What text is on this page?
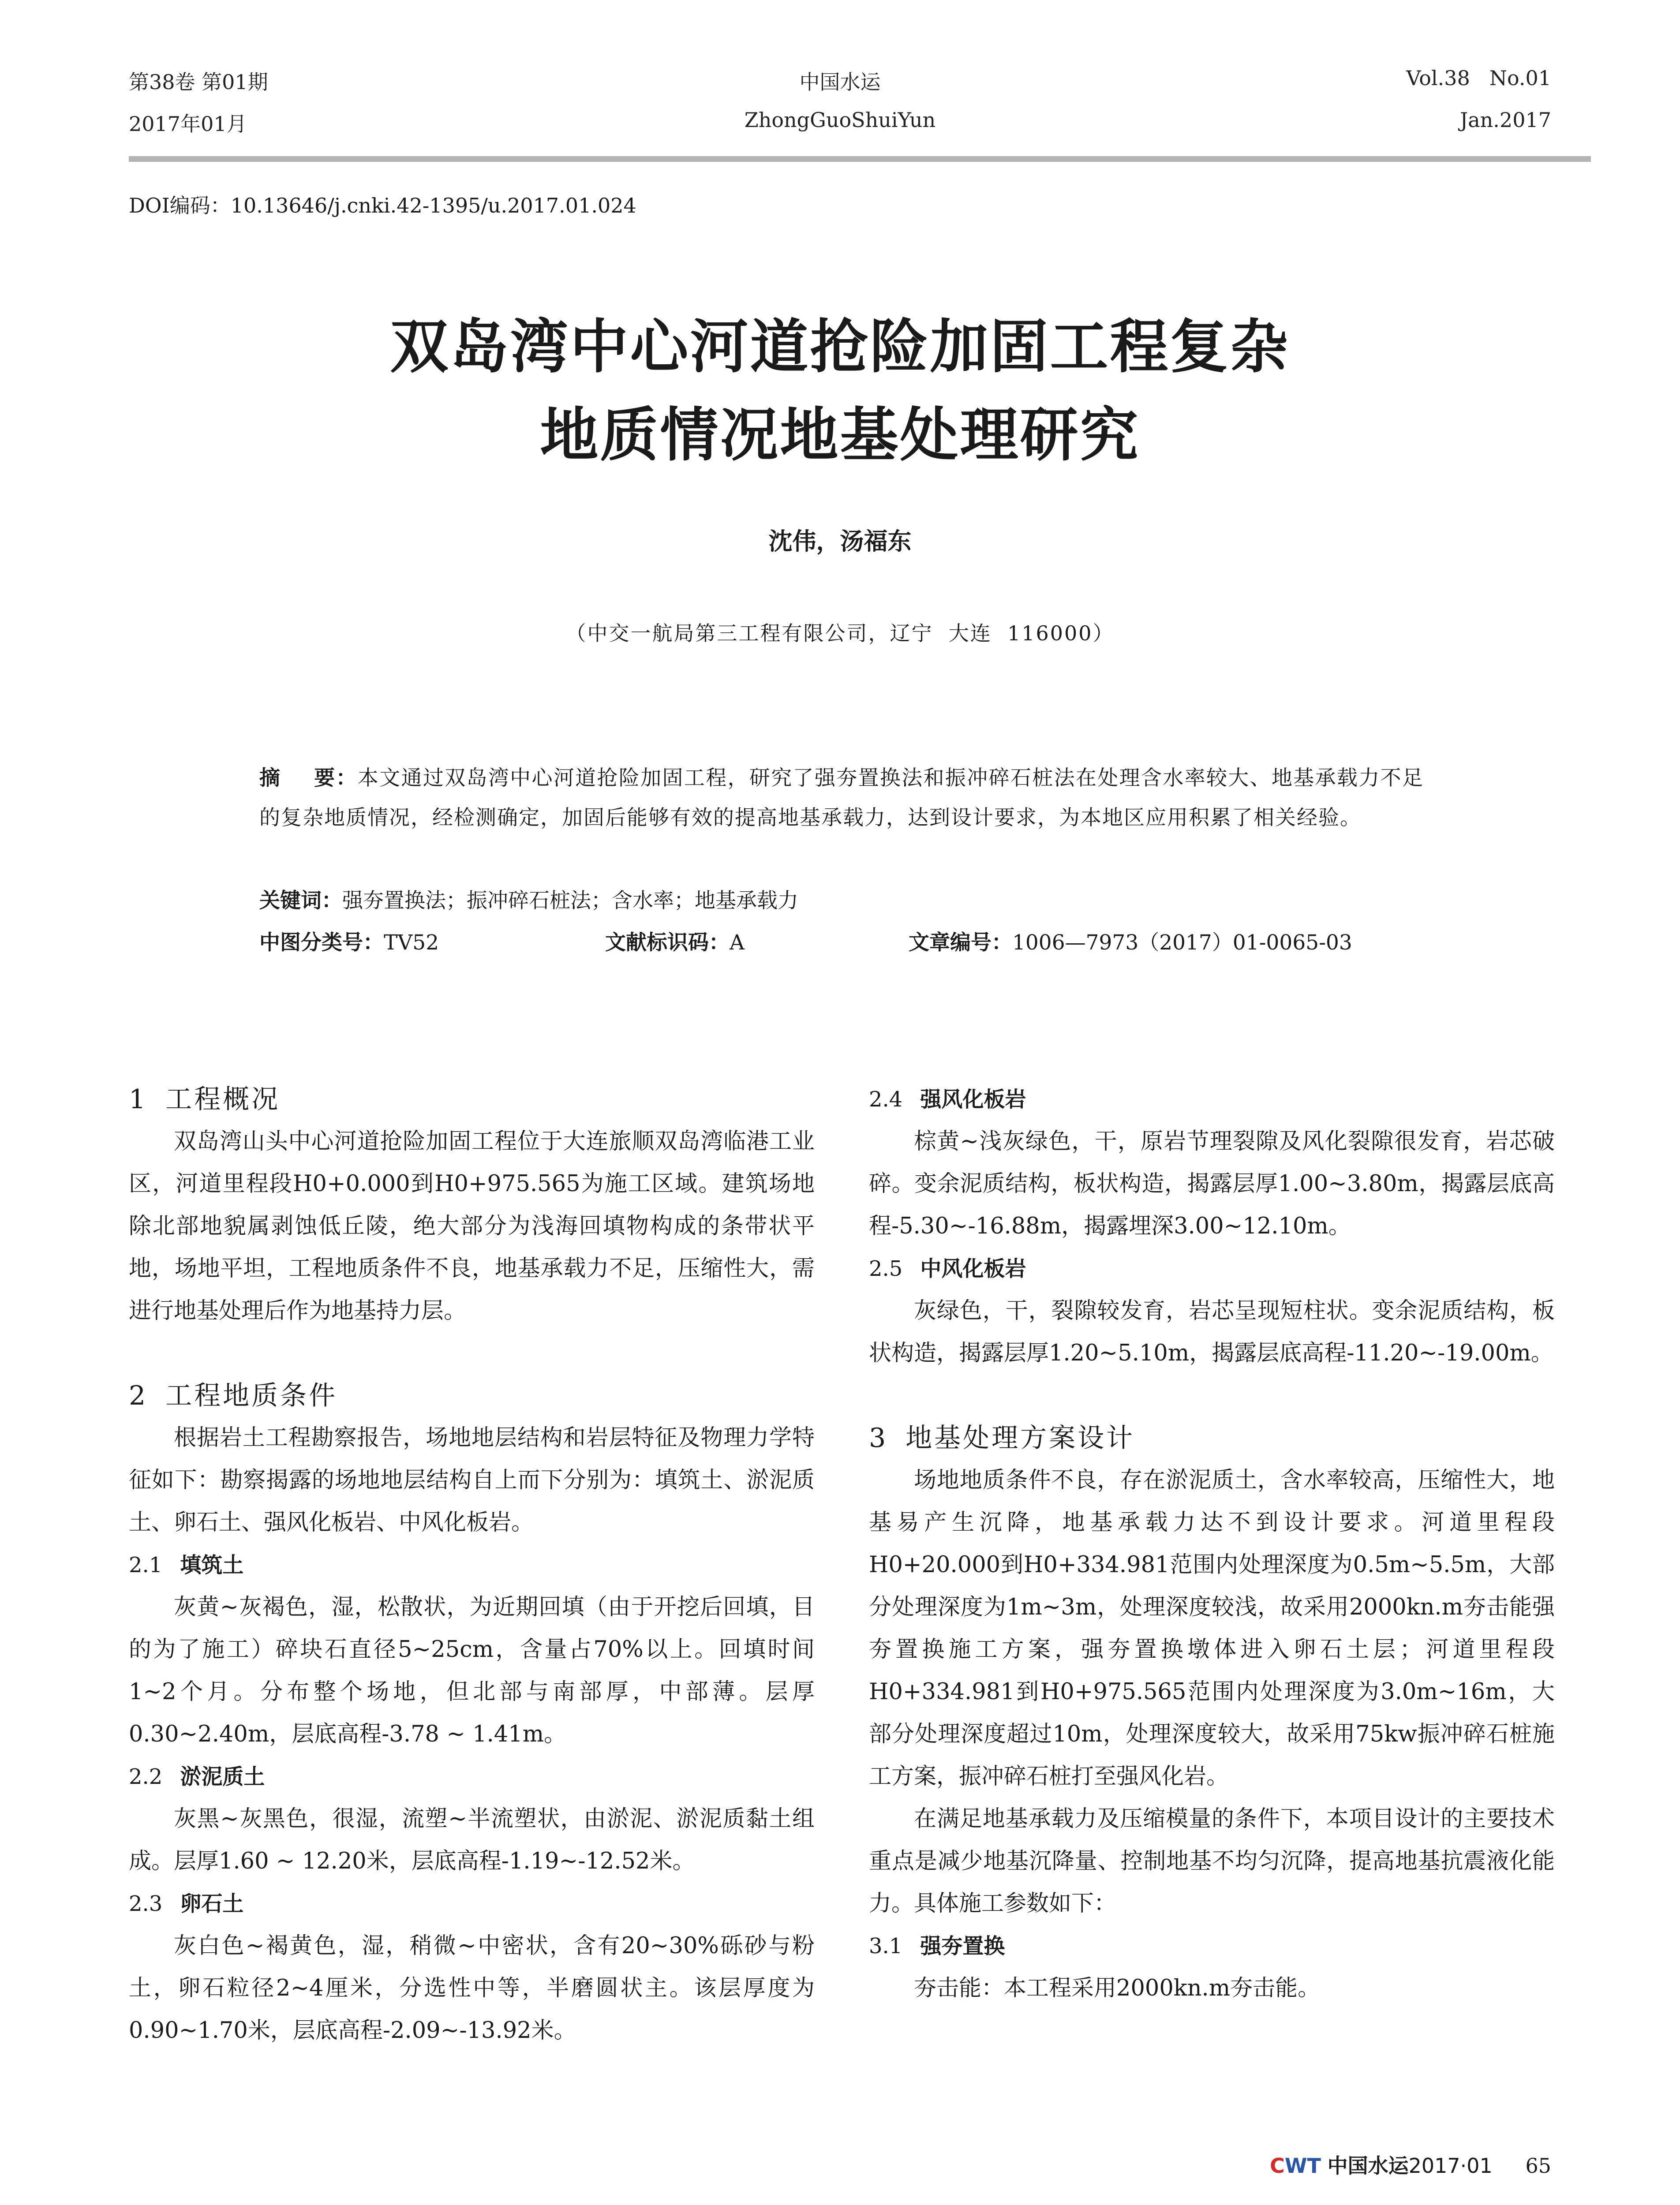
第38卷 第01期
2017年01月
中国水运
ZhongGuoShuiYun
Vol.38   No.01
Jan.2017
DOI编码：10.13646/j.cnki.42-1395/u.2017.01.024
双岛湾中心河道抢险加固工程复杂
地质情况地基处理研究
沈伟，汤福东
（中交一航局第三工程有限公司，辽宁  大连  116000）
摘    要：本文通过双岛湾中心河道抢险加固工程，研究了强夯置换法和振冲碎石桩法在处理含水率较大、地基承载力不足的复杂地质情况，经检测确定，加固后能够有效的提高地基承载力，达到设计要求，为本地区应用积累了相关经验。
关键词：强夯置换法；振冲碎石桩法；含水率；地基承载力
中图分类号：TV52	文献标识码：A	文章编号：1006—7973（2017）01-0065-03
1 工程概况
双岛湾山头中心河道抢险加固工程位于大连旅顺双岛湾临港工业区，河道里程段H0+0.000到H0+975.565为施工区域。建筑场地除北部地貌属剥蚀低丘陵，绝大部分为浅海回填物构成的条带状平地，场地平坦，工程地质条件不良，地基承载力不足，压缩性大，需进行地基处理后作为地基持力层。
2 工程地质条件
根据岩土工程勘察报告，场地地层结构和岩层特征及物理力学特征如下：勘察揭露的场地地层结构自上而下分别为：填筑土、淤泥质土、卵石土、强风化板岩、中风化板岩。
2.1 填筑土
灰黄~灰褐色，湿，松散状，为近期回填（由于开挖后回填，目的为了施工）碎块石直径5~25cm，含量占70%以上。回填时间1~2个月。分布整个场地，但北部与南部厚，中部薄。层厚0.30~2.40m，层底高程-3.78 ~ 1.41m。
2.2 淤泥质土
灰黑~灰黑色，很湿，流塑~半流塑状，由淤泥、淤泥质黏土组成。层厚1.60 ~ 12.20米，层底高程-1.19~-12.52米。
2.3 卵石土
灰白色~褐黄色，湿，稍微~中密状，含有20~30%砾砂与粉土，卵石粒径2~4厘米，分选性中等，半磨圆状主。该层厚度为0.90~1.70米，层底高程-2.09~-13.92米。
2.4 强风化板岩
棕黄~浅灰绿色，干，原岩节理裂隙及风化裂隙很发育，岩芯破碎。变余泥质结构，板状构造，揭露层厚1.00~3.80m，揭露层底高程-5.30~-16.88m，揭露埋深3.00~12.10m。
2.5 中风化板岩
灰绿色，干，裂隙较发育，岩芯呈现短柱状。变余泥质结构，板状构造，揭露层厚1.20~5.10m，揭露层底高程-11.20~-19.00m。
3 地基处理方案设计
场地地质条件不良，存在淤泥质土，含水率较高，压缩性大，地基易产生沉降，地基承载力达不到设计要求。河道里程段H0+20.000到H0+334.981范围内处理深度为0.5m~5.5m，大部分处理深度为1m~3m，处理深度较浅，故采用2000kn.m夯击能强夯置换施工方案，强夯置换墩体进入卵石土层；河道里程段H0+334.981到H0+975.565范围内处理深度为3.0m~16m，大部分处理深度超过10m，处理深度较大，故采用75kw振冲碎石桩施工方案，振冲碎石桩打至强风化岩。
在满足地基承载力及压缩模量的条件下，本项目设计的主要技术重点是减少地基沉降量、控制地基不均匀沉降，提高地基抗震液化能力。具体施工参数如下：
3.1 强夯置换
夯击能：本工程采用2000kn.m夯击能。
CWT 中国水运2017·01 65
